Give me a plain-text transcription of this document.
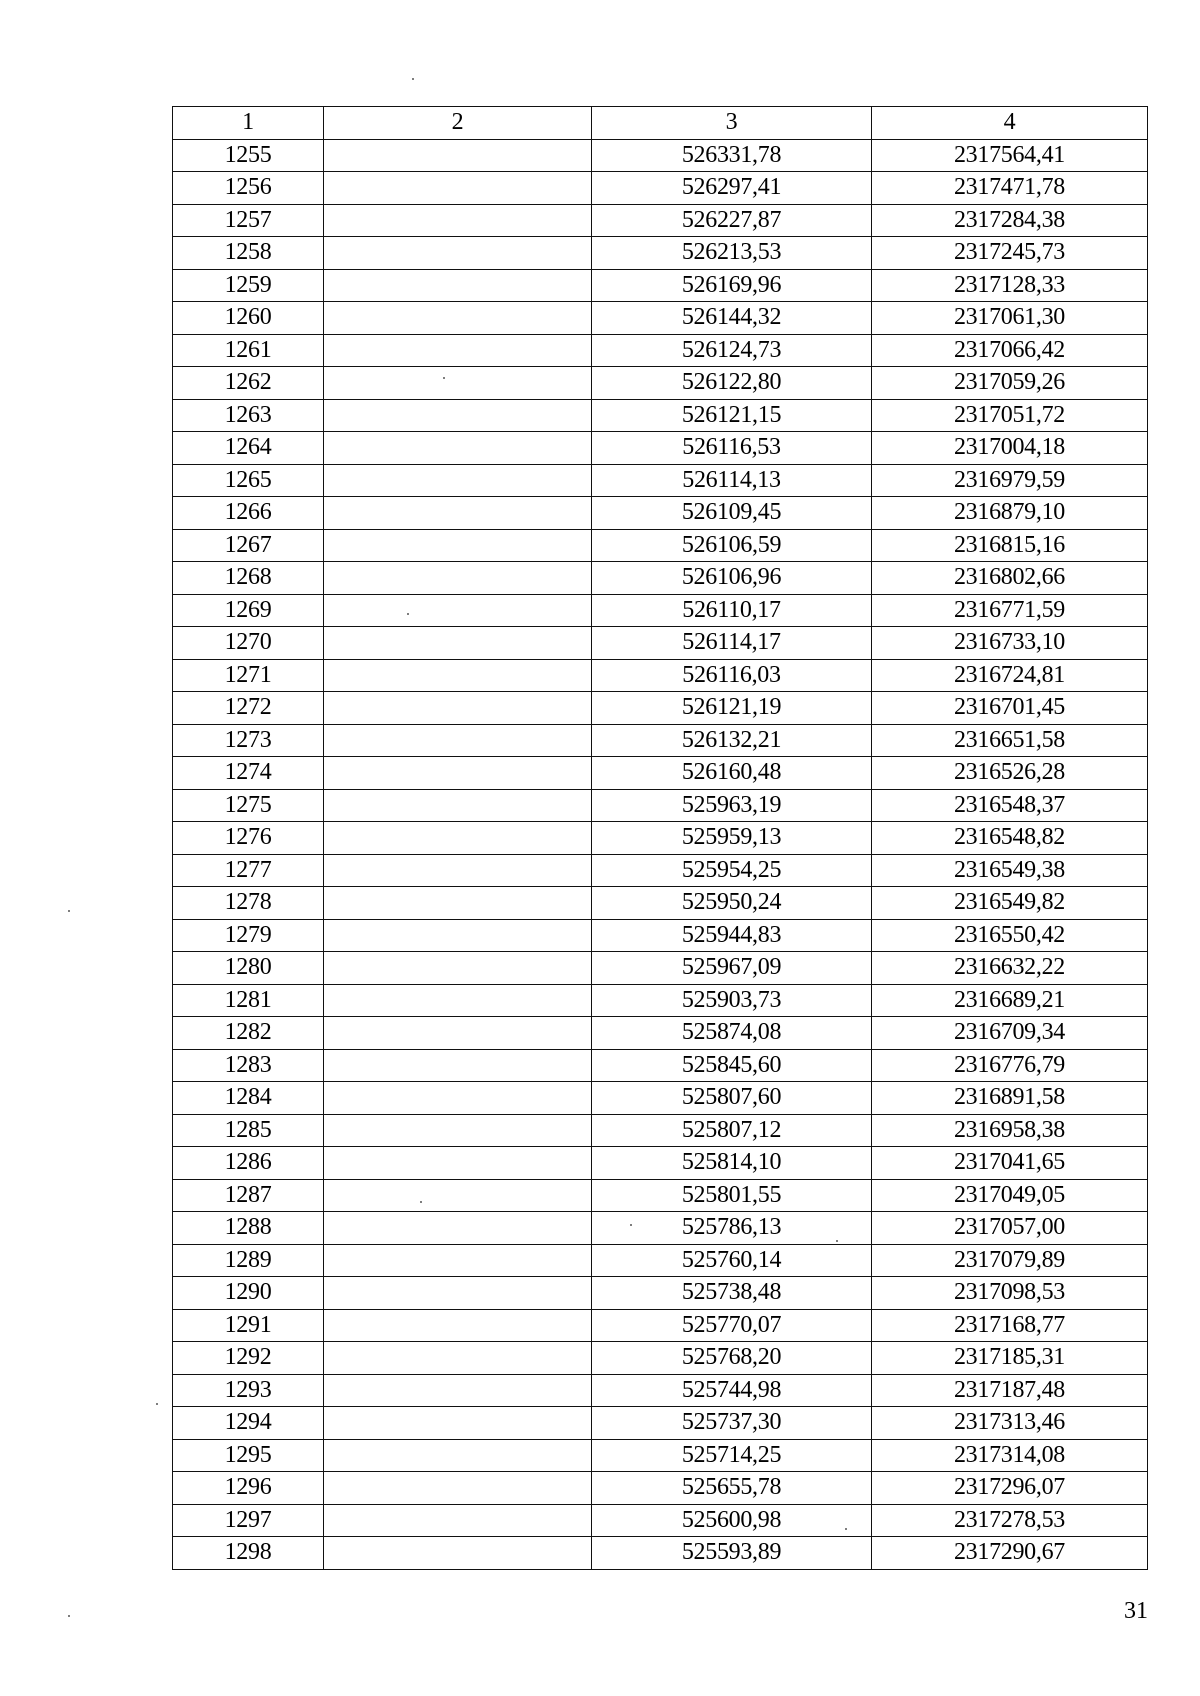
1	2	3	4
1255		526331,78	2317564,41
1256		526297,41	2317471,78
1257		526227,87	2317284,38
1258		526213,53	2317245,73
1259		526169,96	2317128,33
1260		526144,32	2317061,30
1261		526124,73	2317066,42
1262		526122,80	2317059,26
1263		526121,15	2317051,72
1264		526116,53	2317004,18
1265		526114,13	2316979,59
1266		526109,45	2316879,10
1267		526106,59	2316815,16
1268		526106,96	2316802,66
1269		526110,17	2316771,59
1270		526114,17	2316733,10
1271		526116,03	2316724,81
1272		526121,19	2316701,45
1273		526132,21	2316651,58
1274		526160,48	2316526,28
1275		525963,19	2316548,37
1276		525959,13	2316548,82
1277		525954,25	2316549,38
1278		525950,24	2316549,82
1279		525944,83	2316550,42
1280		525967,09	2316632,22
1281		525903,73	2316689,21
1282		525874,08	2316709,34
1283		525845,60	2316776,79
1284		525807,60	2316891,58
1285		525807,12	2316958,38
1286		525814,10	2317041,65
1287		525801,55	2317049,05
1288		525786,13	2317057,00
1289		525760,14	2317079,89
1290		525738,48	2317098,53
1291		525770,07	2317168,77
1292		525768,20	2317185,31
1293		525744,98	2317187,48
1294		525737,30	2317313,46
1295		525714,25	2317314,08
1296		525655,78	2317296,07
1297		525600,98	2317278,53
1298		525593,89	2317290,67
31
